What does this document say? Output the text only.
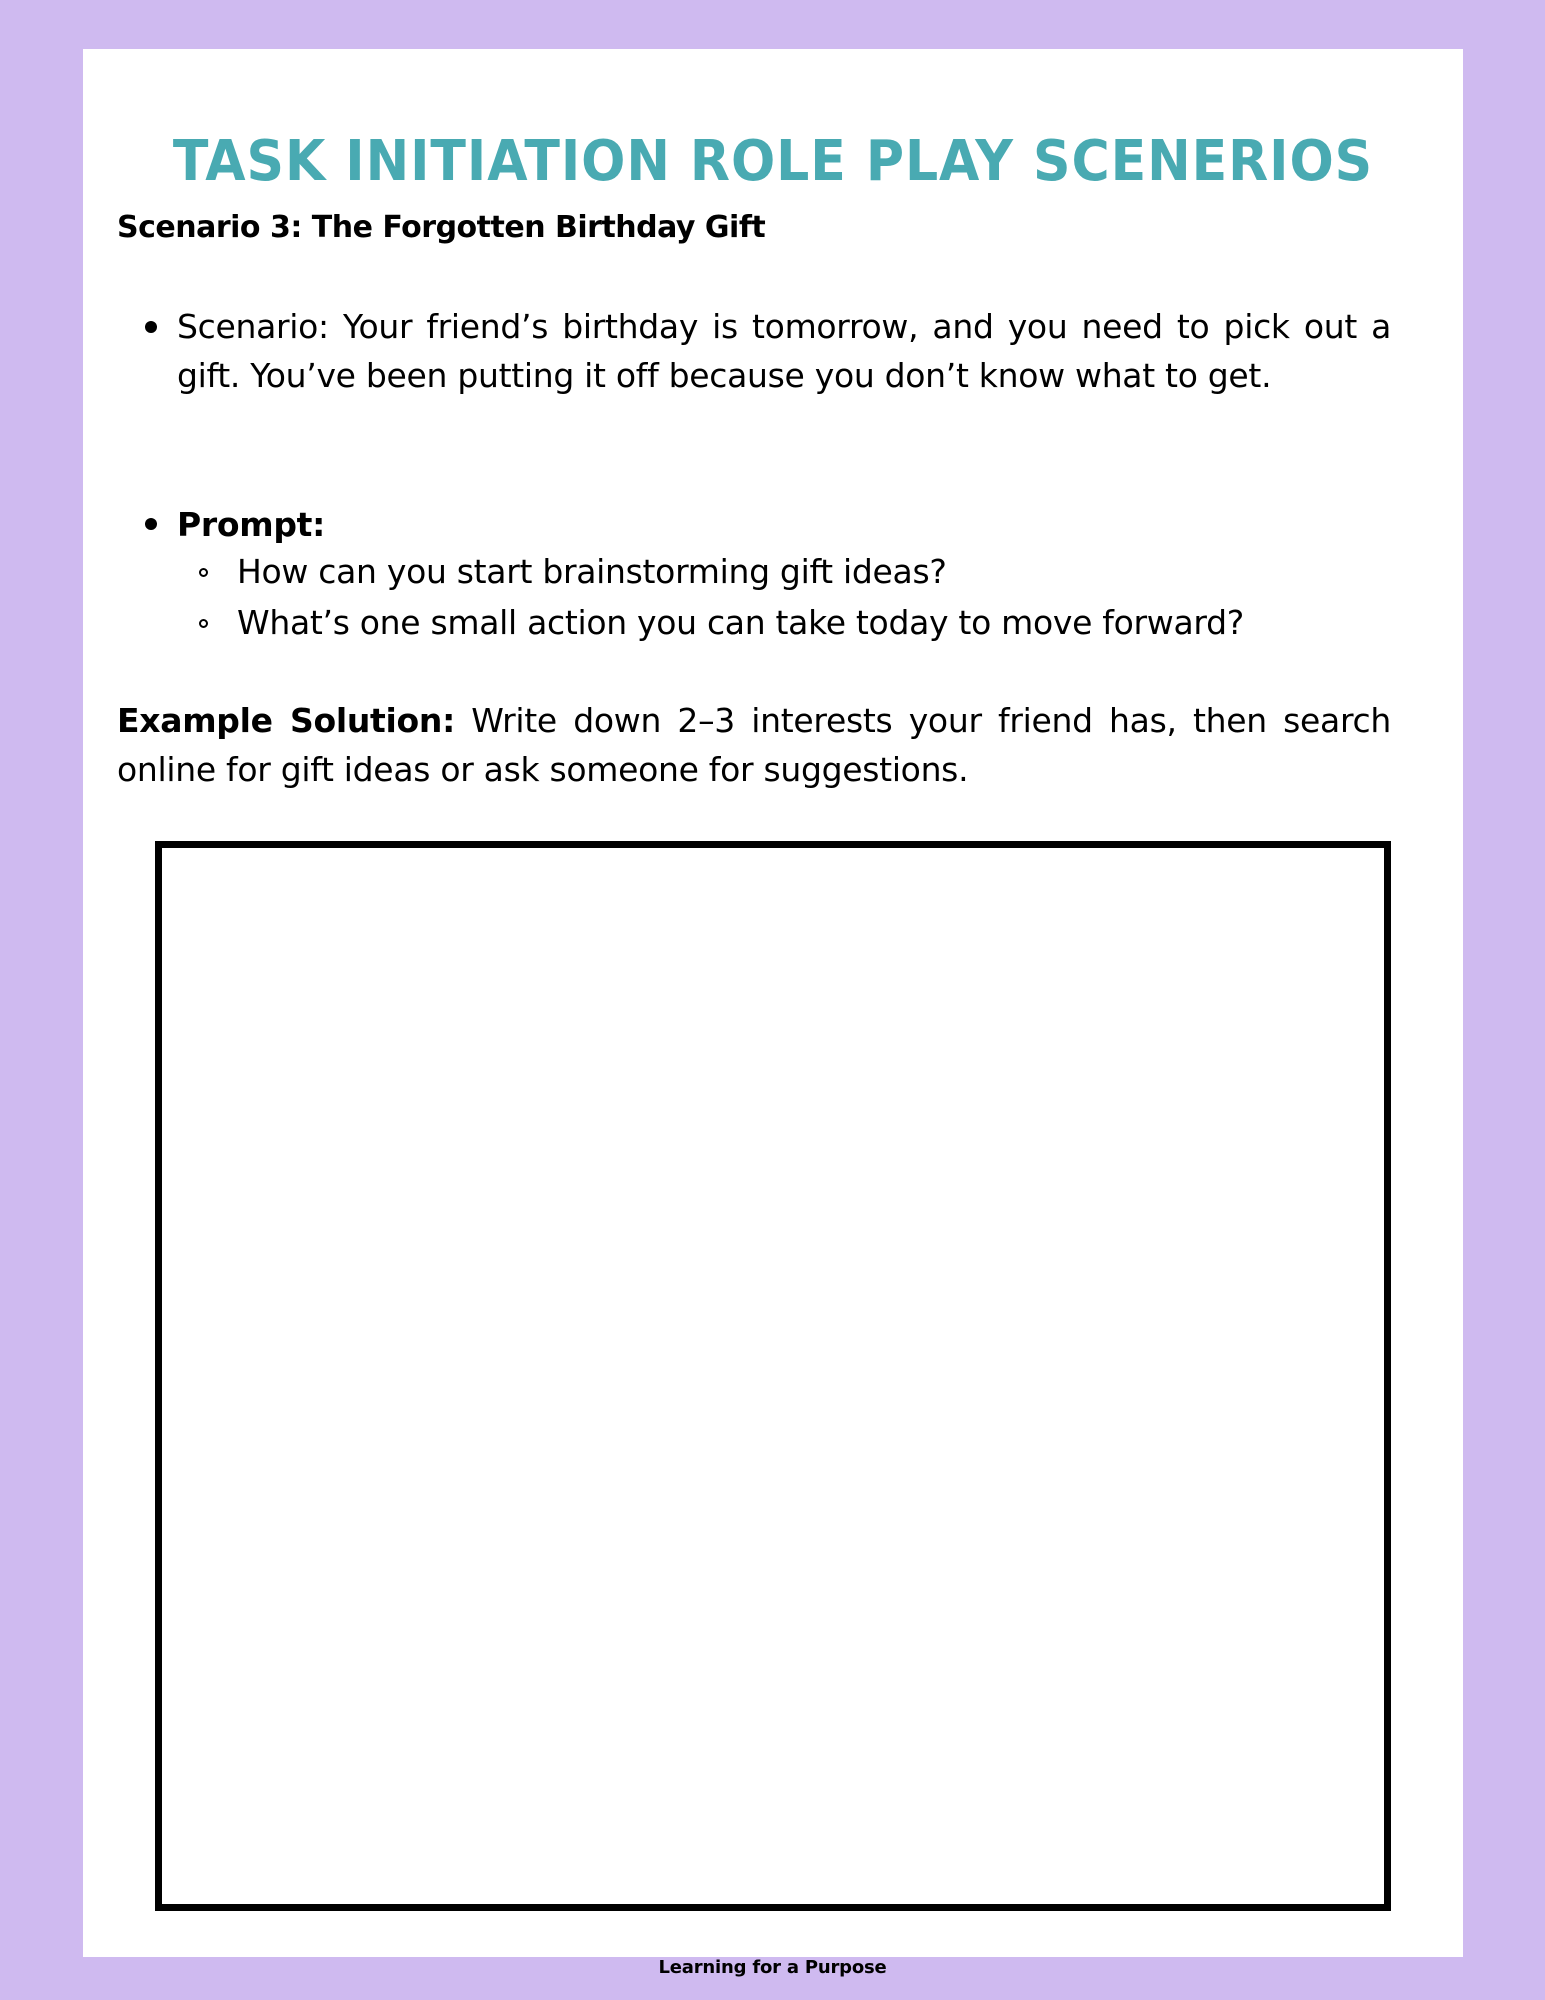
TASK INITIATION ROLE PLAY SCENERIOS
Scenario 3: The Forgotten Birthday Gift
Scenario: Your friend’s birthday is tomorrow, and you need to pick out a gift. You’ve been putting it off because you don’t know what to get.
Prompt:
How can you start brainstorming gift ideas?
What’s one small action you can take today to move forward?
Example Solution: Write down 2–3 interests your friend has, then search online for gift ideas or ask someone for suggestions.
Learning for a Purpose
